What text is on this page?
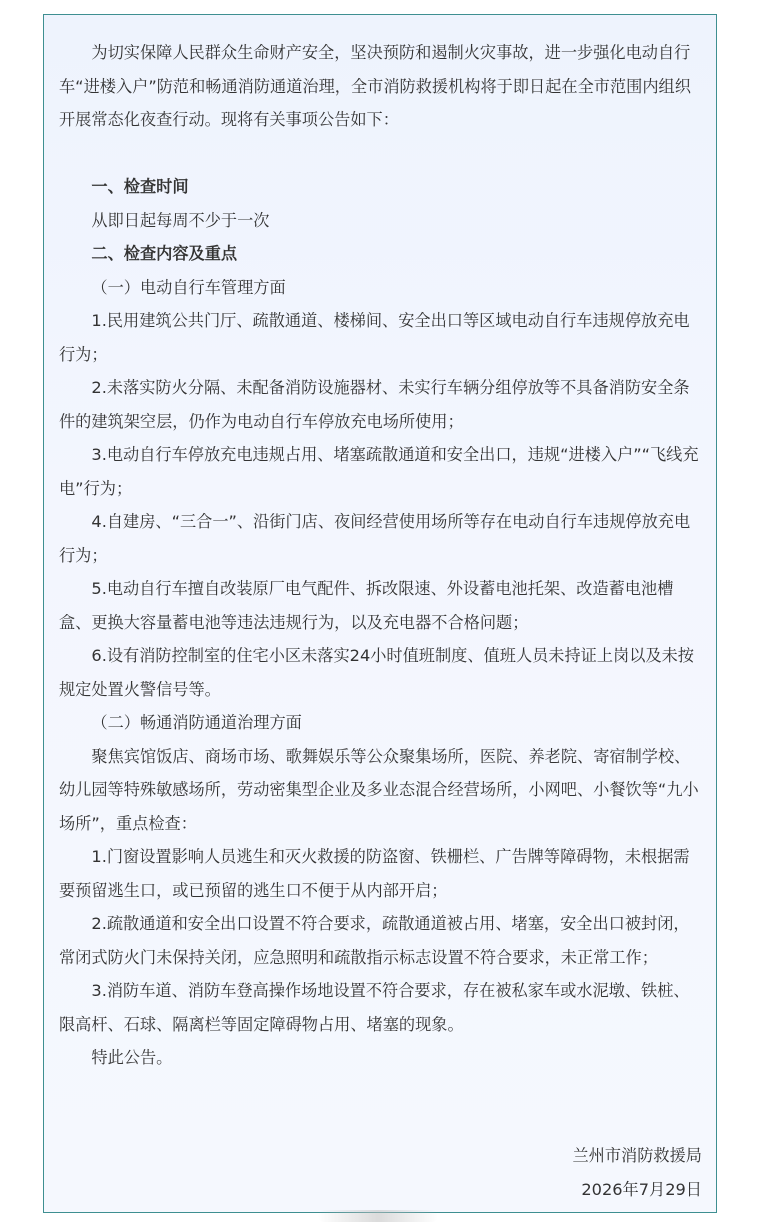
为切实保障人民群众生命财产安全，坚决预防和遏制火灾事故，进一步强化电动自行车“进楼入户”防范和畅通消防通道治理，全市消防救援机构将于即日起在全市范围内组织开展常态化夜查行动。现将有关事项公告如下：

一、检查时间

从即日起每周不少于一次

二、检查内容及重点

（一）电动自行车管理方面

1.民用建筑公共门厅、疏散通道、楼梯间、安全出口等区域电动自行车违规停放充电行为；

2.未落实防火分隔、未配备消防设施器材、未实行车辆分组停放等不具备消防安全条件的建筑架空层，仍作为电动自行车停放充电场所使用；

3.电动自行车停放充电违规占用、堵塞疏散通道和安全出口，违规“进楼入户”“飞线充电”行为；

4.自建房、“三合一”、沿街门店、夜间经营使用场所等存在电动自行车违规停放充电行为；

5.电动自行车擅自改装原厂电气配件、拆改限速、外设蓄电池托架、改造蓄电池槽盒、更换大容量蓄电池等违法违规行为，以及充电器不合格问题；

6.设有消防控制室的住宅小区未落实24小时值班制度、值班人员未持证上岗以及未按规定处置火警信号等。

（二）畅通消防通道治理方面

聚焦宾馆饭店、商场市场、歌舞娱乐等公众聚集场所，医院、养老院、寄宿制学校、幼儿园等特殊敏感场所，劳动密集型企业及多业态混合经营场所，小网吧、小餐饮等“九小场所”，重点检查：

1.门窗设置影响人员逃生和灭火救援的防盗窗、铁栅栏、广告牌等障碍物，未根据需要预留逃生口，或已预留的逃生口不便于从内部开启；

2.疏散通道和安全出口设置不符合要求，疏散通道被占用、堵塞，安全出口被封闭，常闭式防火门未保持关闭，应急照明和疏散指示标志设置不符合要求，未正常工作；

3.消防车道、消防车登高操作场地设置不符合要求，存在被私家车或水泥墩、铁桩、限高杆、石球、隔离栏等固定障碍物占用、堵塞的现象。

特此公告。

兰州市消防救援局
2026年7月29日
